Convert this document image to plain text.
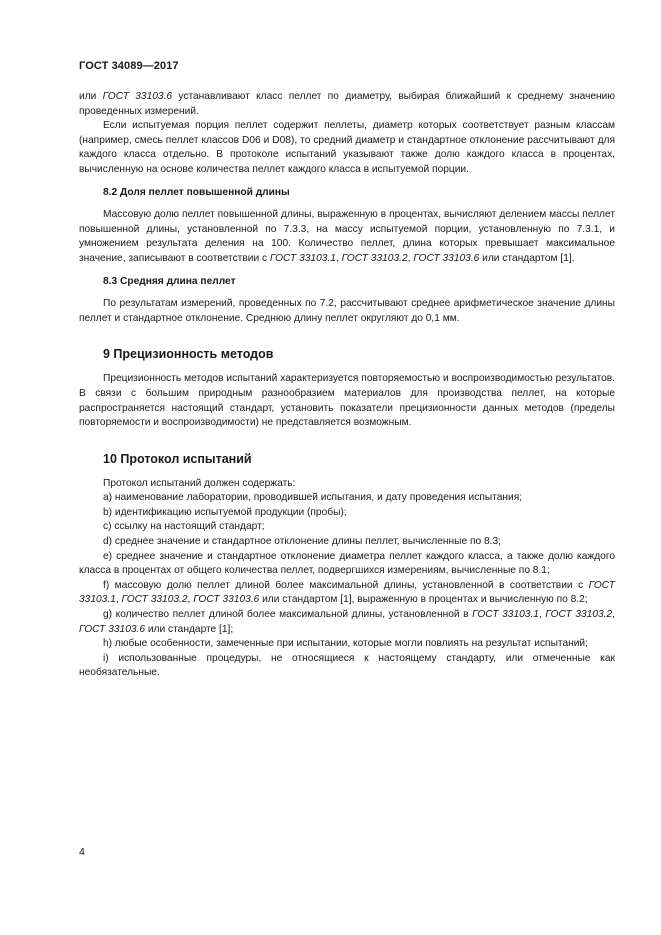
ГОСТ 34089—2017

или ГОСТ 33103.6 устанавливают класс пеллет по диаметру, выбирая ближайший к среднему значению проведенных измерений.

Если испытуемая порция пеллет содержит пеллеты, диаметр которых соответствует разным классам (например, смесь пеллет классов D06 и D08), то средний диаметр и стандартное отклонение рассчитывают для каждого класса отдельно. В протоколе испытаний указывают также долю каждого класса в процентах, вычисленную на основе количества пеллет каждого класса в испытуемой порции.

8.2 Доля пеллет повышенной длины

Массовую долю пеллет повышенной длины, выраженную в процентах, вычисляют делением массы пеллет повышенной длины, установленной по 7.3.3, на массу испытуемой порции, установленную по 7.3.1, и умножением результата деления на 100. Количество пеллет, длина которых превышает максимальное значение, записывают в соответствии с ГОСТ 33103.1, ГОСТ 33103.2, ГОСТ 33103.6 или стандартом [1].

8.3 Средняя длина пеллет

По результатам измерений, проведенных по 7.2, рассчитывают среднее арифметическое значение длины пеллет и стандартное отклонение. Среднюю длину пеллет округляют до 0,1 мм.

9 Прецизионность методов

Прецизионность методов испытаний характеризуется повторяемостью и воспроизводимостью результатов. В связи с большим природным разнообразием материалов для производства пеллет, на которые распространяется настоящий стандарт, установить показатели прецизионности данных методов (пределы повторяемости и воспроизводимости) не представляется возможным.

10 Протокол испытаний

Протокол испытаний должен содержать:

a) наименование лаборатории, проводившей испытания, и дату проведения испытания;

b) идентификацию испытуемой продукции (пробы);

c) ссылку на настоящий стандарт;

d) среднее значение и стандартное отклонение длины пеллет, вычисленные по 8.3;

e) среднее значение и стандартное отклонение диаметра пеллет каждого класса, а также долю каждого класса в процентах от общего количества пеллет, подвергшихся измерениям, вычисленные по 8.1;

f) массовую долю пеллет длиной более максимальной длины, установленной в соответствии с ГОСТ 33103.1, ГОСТ 33103.2, ГОСТ 33103.6 или стандартом [1], выраженную в процентах и вычисленную по 8.2;

g) количество пеллет длиной более максимальной длины, установленной в ГОСТ 33103.1, ГОСТ 33103.2, ГОСТ 33103.6 или стандарте [1];

h) любые особенности, замеченные при испытании, которые могли повлиять на результат испытаний;

i) использованные процедуры, не относящиеся к настоящему стандарту, или отмеченные как необязательные.

4
